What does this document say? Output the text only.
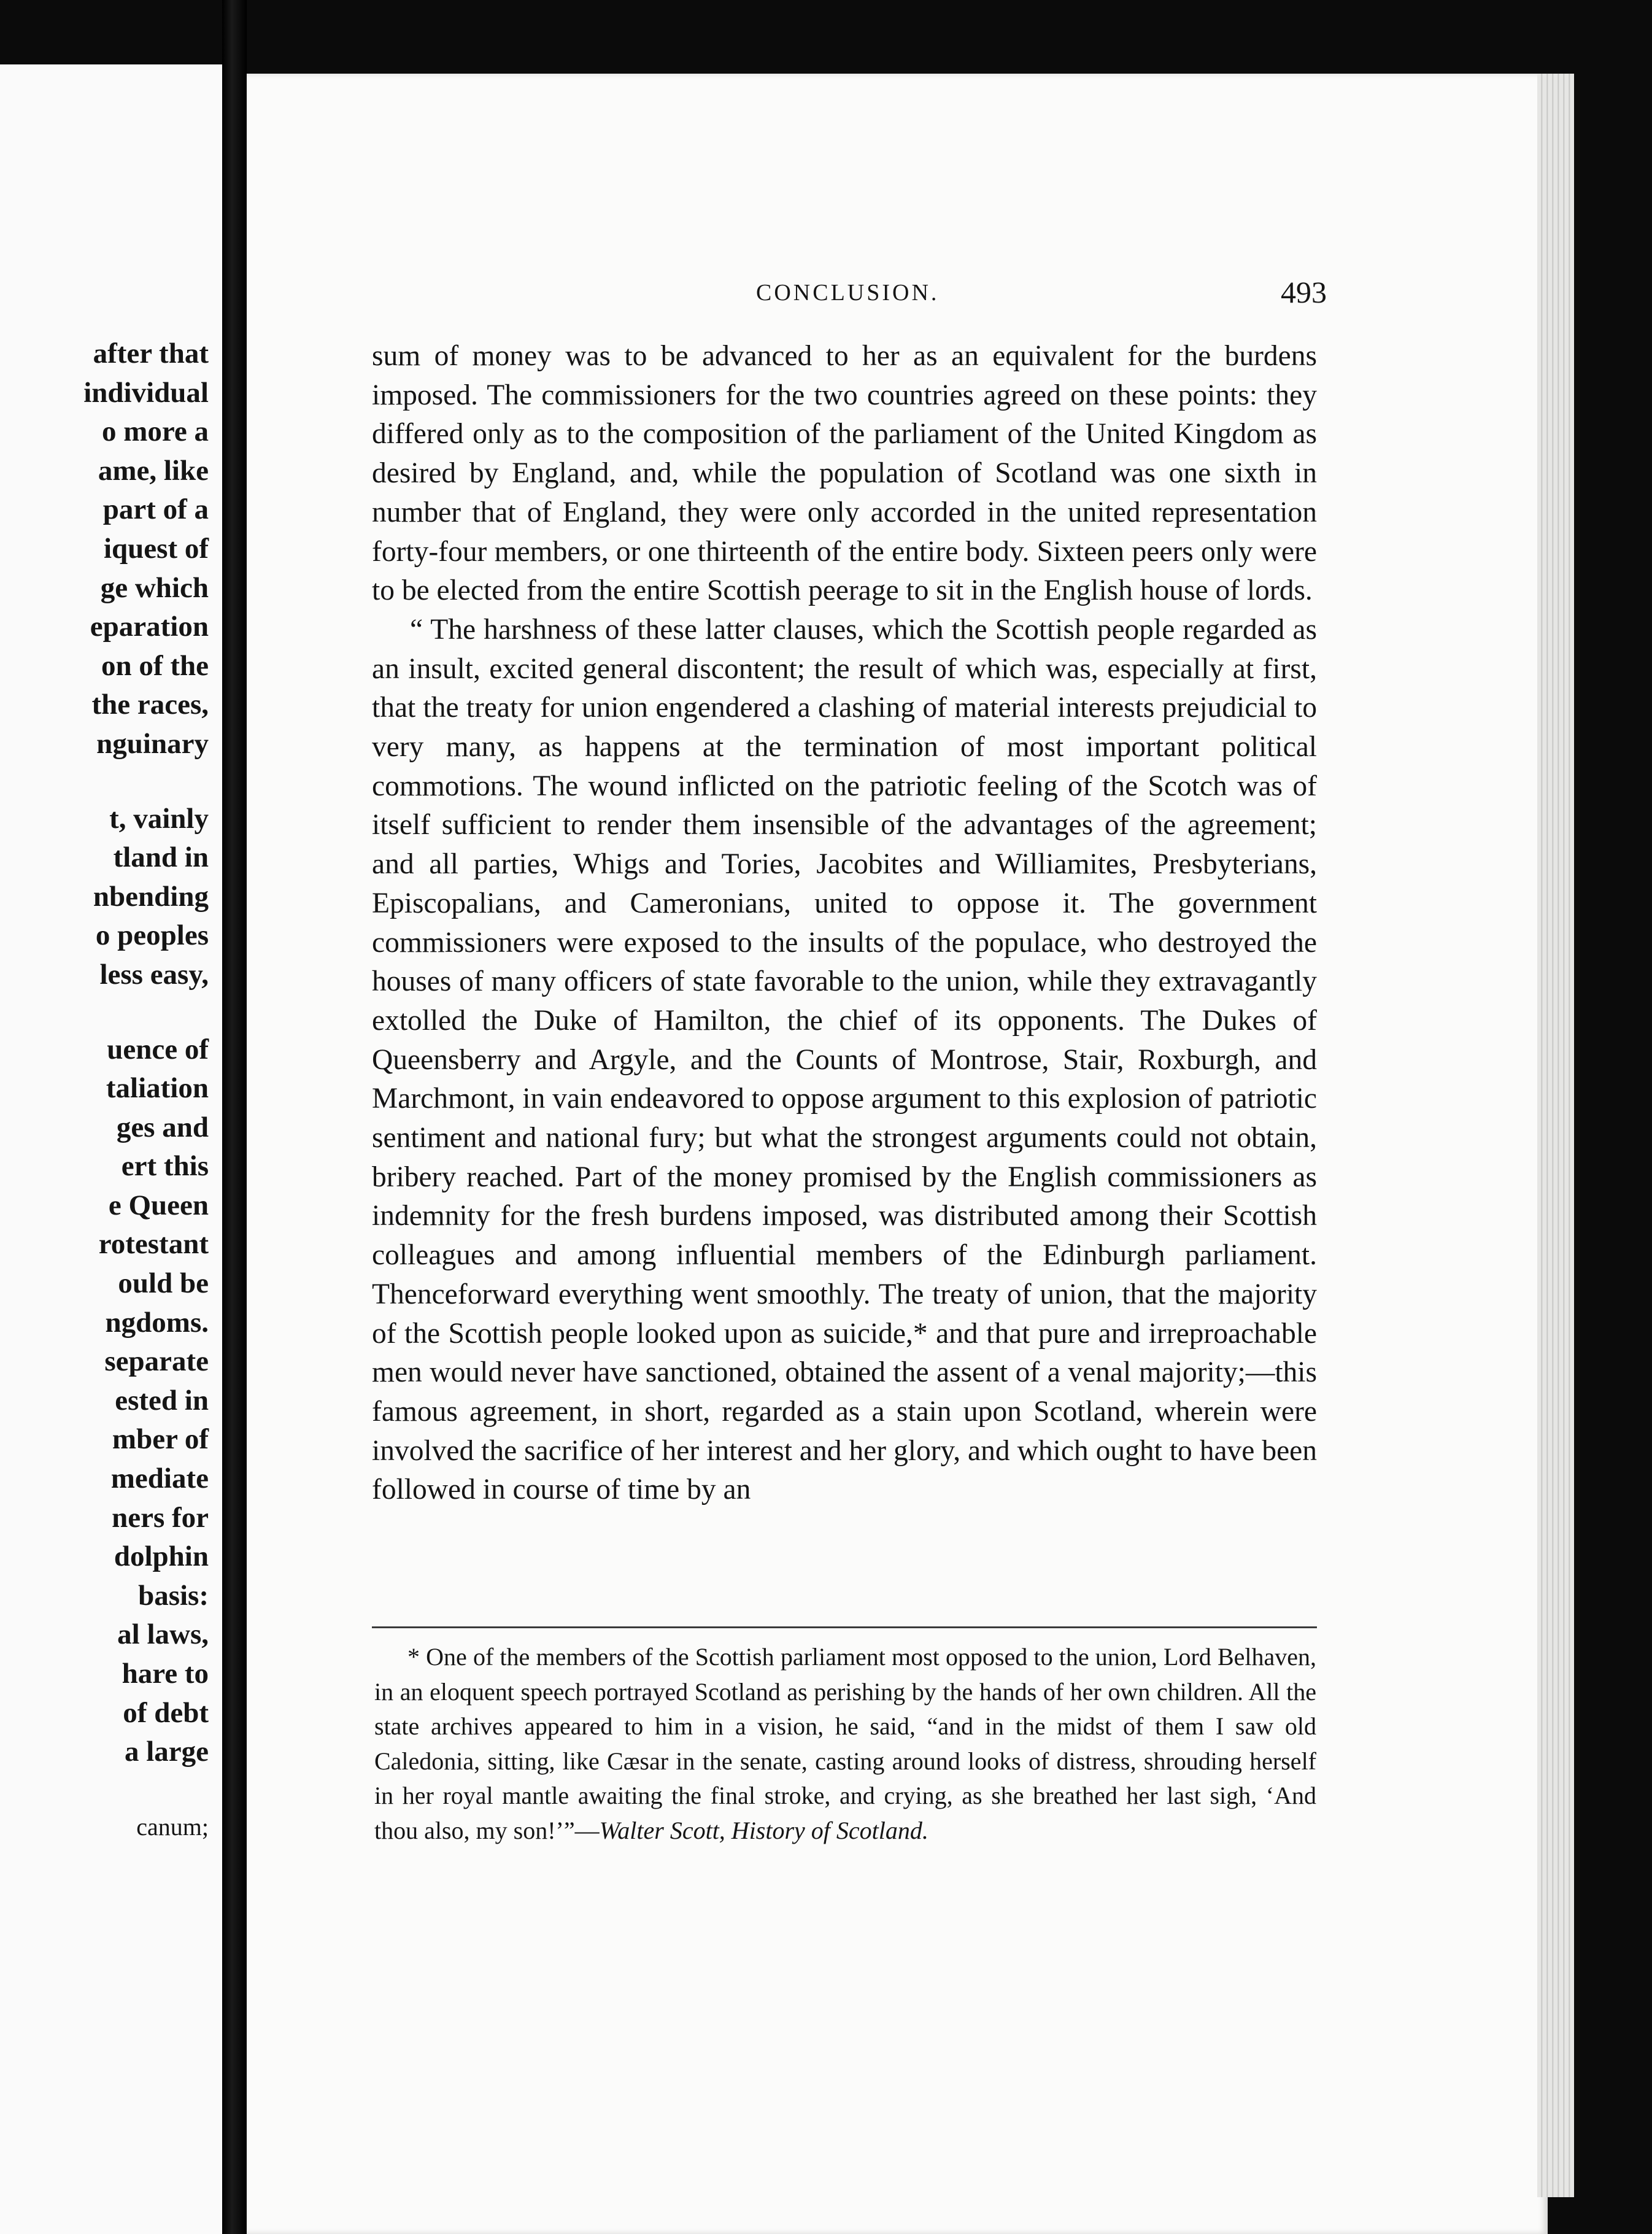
after that
individual
o more a
ame, like
part of a
iquest of
ge which
eparation
on of the
the races,
nguinary
t, vainly
tland in
nbending
o peoples
less easy,
uence of
taliation
ges and
ert this
e Queen
rotestant
ould be
ngdoms.
separate
ested in
mber of
mediate
ners for
dolphin
basis:
al laws,
hare to
of debt
a large
canum;
CONCLUSION.	493

sum of money was to be advanced to her as an equivalent for the burdens imposed. The commissioners for the two countries agreed on these points: they differed only as to the composition of the parliament of the United Kingdom as desired by England, and, while the population of Scotland was one sixth in number that of England, they were only accorded in the united representation forty-four members, or one thirteenth of the entire body. Sixteen peers only were to be elected from the entire Scottish peerage to sit in the English house of lords.

“ The harshness of these latter clauses, which the Scottish people regarded as an insult, excited general discontent; the result of which was, especially at first, that the treaty for union engendered a clashing of material interests prejudicial to very many, as happens at the termination of most important political commotions. The wound inflicted on the patriotic feeling of the Scotch was of itself sufficient to render them insensible of the advantages of the agreement; and all parties, Whigs and Tories, Jacobites and Williamites, Presbyterians, Episcopalians, and Cameronians, united to oppose it. The government commissioners were exposed to the insults of the populace, who destroyed the houses of many officers of state favorable to the union, while they extravagantly extolled the Duke of Hamilton, the chief of its opponents. The Dukes of Queensberry and Argyle, and the Counts of Montrose, Stair, Roxburgh, and Marchmont, in vain endeavored to oppose argument to this explosion of patriotic sentiment and national fury; but what the strongest arguments could not obtain, bribery reached. Part of the money promised by the English commissioners as indemnity for the fresh burdens imposed, was distributed among their Scottish colleagues and among influential members of the Edinburgh parliament. Thenceforward everything went smoothly. The treaty of union, that the majority of the Scottish people looked upon as suicide,* and that pure and irreproachable men would never have sanctioned, obtained the assent of a venal majority;—this famous agreement, in short, regarded as a stain upon Scotland, wherein were involved the sacrifice of her interest and her glory, and which ought to have been followed in course of time by an

* One of the members of the Scottish parliament most opposed to the union, Lord Belhaven, in an eloquent speech portrayed Scotland as perishing by the hands of her own children. All the state archives appeared to him in a vision, he said, “and in the midst of them I saw old Caledonia, sitting, like Cæsar in the senate, casting around looks of distress, shrouding herself in her royal mantle awaiting the final stroke, and crying, as she breathed her last sigh, ‘And thou also, my son!’”—Walter Scott, History of Scotland.
